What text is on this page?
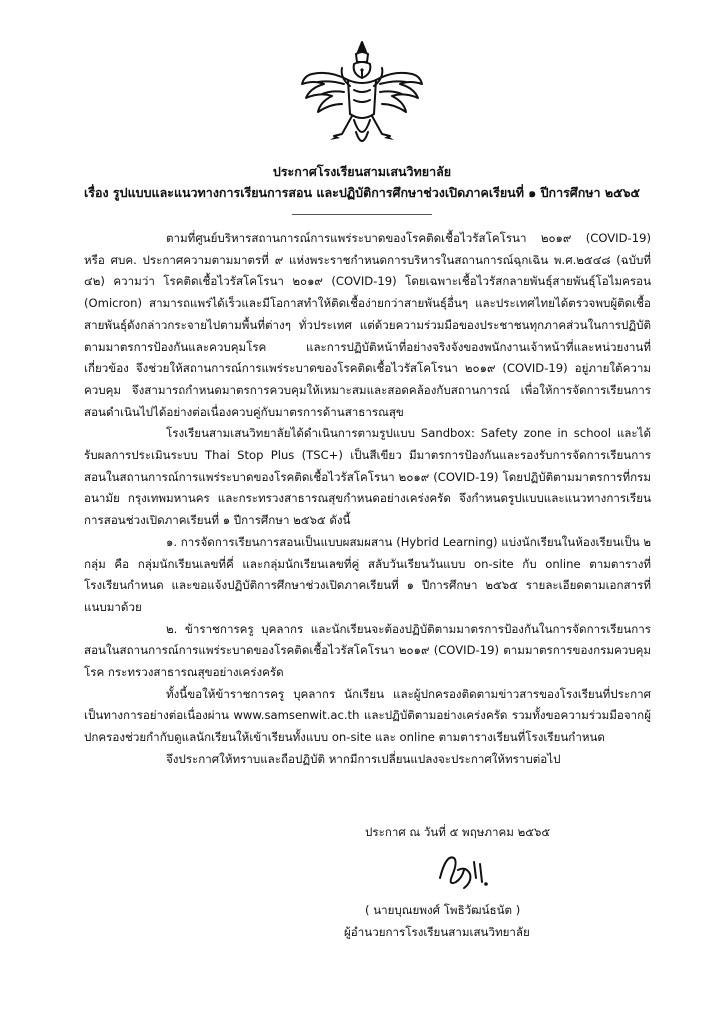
ประกาศโรงเรียนสามเสนวิทยาลัย
เรื่อง รูปแบบและแนวทางการเรียนการสอน และปฏิบัติการศึกษาช่วงเปิดภาคเรียนที่ ๑ ปีการศึกษา ๒๕๖๕

ตามที่ศูนย์บริหารสถานการณ์การแพร่ระบาดของโรคติดเชื้อไวรัสโคโรนา ๒๐๑๙ (COVID-19) หรือ ศบค. ประกาศความตามมาตรที่ ๙ แห่งพระราชกำหนดการบริหารในสถานการณ์ฉุกเฉิน พ.ศ.๒๕๔๘ (ฉบับที่ ๔๒) ความว่า โรคติดเชื้อไวรัสโคโรนา ๒๐๑๙ (COVID-19) โดยเฉพาะเชื้อไวรัสกลายพันธุ์สายพันธุ์โอไมครอน (Omicron) สามารถแพร่ได้เร็วและมีโอกาสทำให้ติดเชื้อง่ายกว่าสายพันธุ์อื่นๆ และประเทศไทยได้ตรวจพบผู้ติดเชื้อสายพันธุ์ดังกล่าวกระจายไปตามพื้นที่ต่างๆ ทั่วประเทศ แต่ด้วยความร่วมมือของประชาชนทุกภาคส่วนในการปฏิบัติตามมาตรการป้องกันและควบคุมโรค และการปฏิบัติหน้าที่อย่างจริงจังของพนักงานเจ้าหน้าที่และหน่วยงานที่เกี่ยวข้อง จึงช่วยให้สถานการณ์การแพร่ระบาดของโรคติดเชื้อไวรัสโคโรนา ๒๐๑๙ (COVID-19) อยู่ภายใต้ความควบคุม จึงสามารถกำหนดมาตรการควบคุมให้เหมาะสมและสอดคล้องกับสถานการณ์ เพื่อให้การจัดการเรียนการสอนดำเนินไปได้อย่างต่อเนื่องควบคู่กับมาตรการด้านสาธารณสุข

โรงเรียนสามเสนวิทยาลัยได้ดำเนินการตามรูปแบบ Sandbox: Safety zone in school และได้รับผลการประเมินระบบ Thai Stop Plus (TSC+) เป็นสีเขียว มีมาตรการป้องกันและรองรับการจัดการเรียนการสอนในสถานการณ์การแพร่ระบาดของโรคติดเชื้อไวรัสโคโรนา ๒๐๑๙ (COVID-19) โดยปฏิบัติตามมาตรการที่กรมอนามัย กรุงเทพมหานคร และกระทรวงสาธารณสุขกำหนดอย่างเคร่งครัด จึงกำหนดรูปแบบและแนวทางการเรียนการสอนช่วงเปิดภาคเรียนที่ ๑ ปีการศึกษา ๒๕๖๕ ดังนี้

๑. การจัดการเรียนการสอนเป็นแบบผสมผสาน (Hybrid Learning) แบ่งนักเรียนในห้องเรียนเป็น ๒ กลุ่ม คือ กลุ่มนักเรียนเลขที่คี่ และกลุ่มนักเรียนเลขที่คู่ สลับวันเรียนวันแบบ on-site กับ online ตามตารางที่โรงเรียนกำหนด และขอแจ้งปฏิบัติการศึกษาช่วงเปิดภาคเรียนที่ ๑ ปีการศึกษา ๒๕๖๕ รายละเอียดตามเอกสารที่แนบมาด้วย

๒. ข้าราชการครู บุคลากร และนักเรียนจะต้องปฏิบัติตามมาตรการป้องกันในการจัดการเรียนการสอนในสถานการณ์การแพร่ระบาดของโรคติดเชื้อไวรัสโคโรนา ๒๐๑๙ (COVID-19) ตามมาตรการของกรมควบคุมโรค กระทรวงสาธารณสุขอย่างเคร่งครัด

ทั้งนี้ขอให้ข้าราชการครู บุคลากร นักเรียน และผู้ปกครองติดตามข่าวสารของโรงเรียนที่ประกาศเป็นทางการอย่างต่อเนื่องผ่าน www.samsenwit.ac.th และปฏิบัติตามอย่างเคร่งครัด รวมทั้งขอความร่วมมือจากผู้ปกครองช่วยกำกับดูแลนักเรียนให้เข้าเรียนทั้งแบบ on-site และ online ตามตารางเรียนที่โรงเรียนกำหนด

จึงประกาศให้ทราบและถือปฏิบัติ หากมีการเปลี่ยนแปลงจะประกาศให้ทราบต่อไป

ประกาศ ณ วันที่ ๕ พฤษภาคม ๒๕๖๕
( นายบุณยพงศ์ โพธิวัฒน์ธนัต )
ผู้อำนวยการโรงเรียนสามเสนวิทยาลัย
